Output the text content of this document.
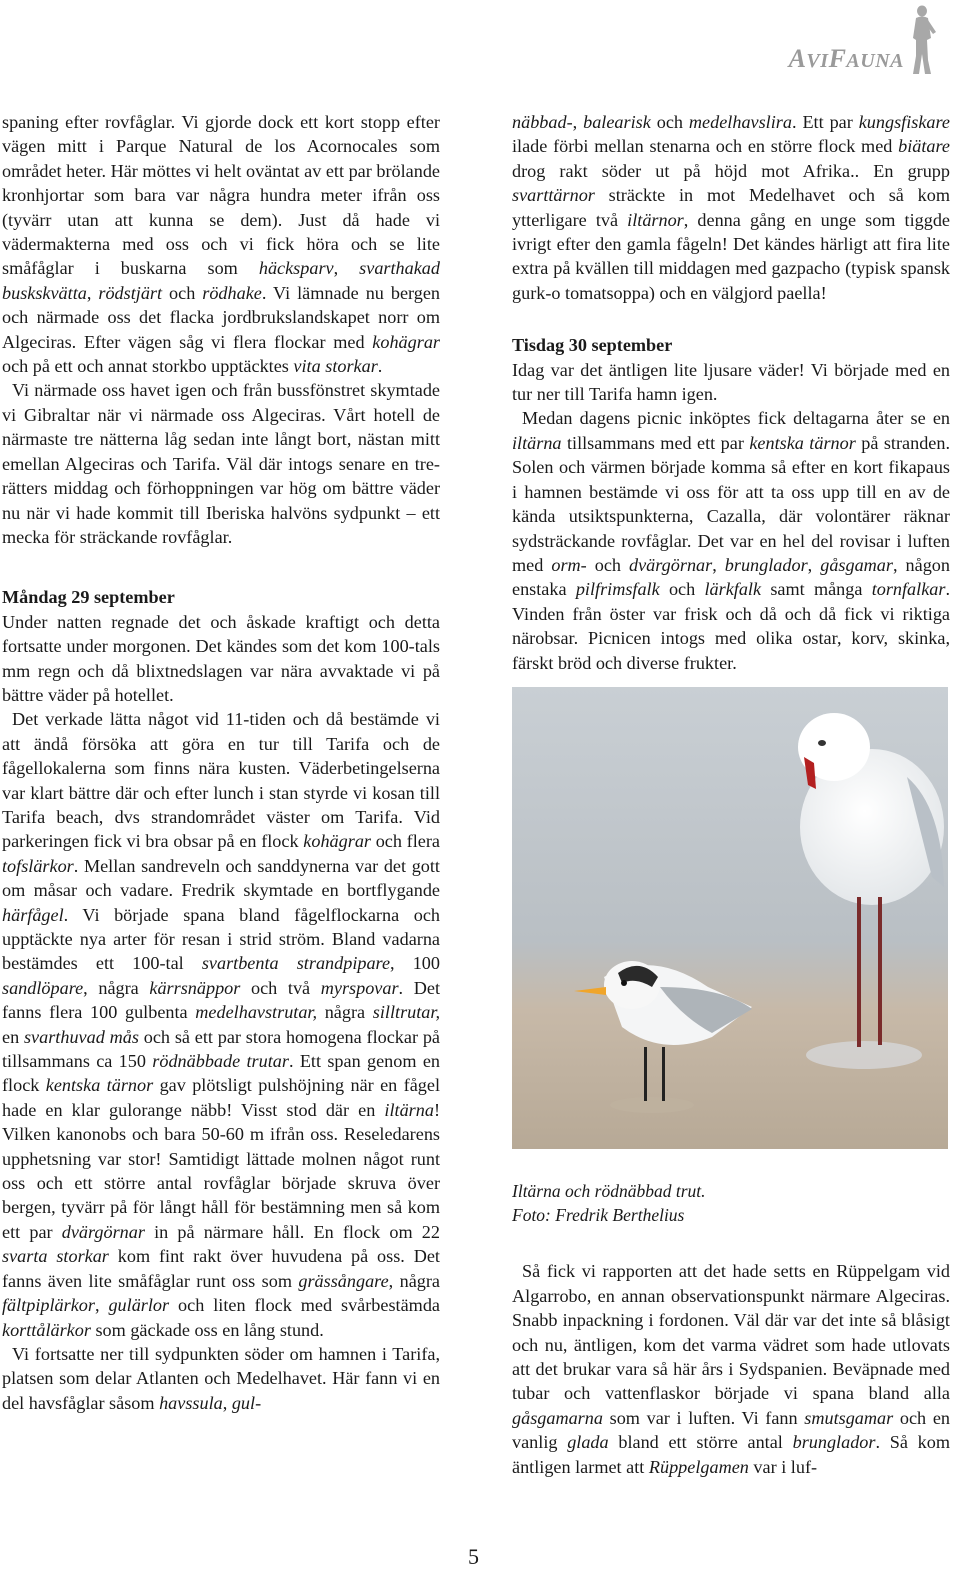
AVIFAUNA

spaning efter rovfåglar. Vi gjorde dock ett kort stopp efter vägen mitt i Parque Natural de los Acornocales som området heter. Här möttes vi helt oväntat av ett par brölande kronhjortar som bara var några hundra meter ifrån oss (tyvärr utan att kunna se dem). Just då hade vi vädermakterna med oss och vi fick höra och se lite småfåglar i buskarna som häcksparv, svarthakad buskskvätta, rödstjärt och rödhake. Vi lämnade nu bergen och närmade oss det flacka jordbrukslandskapet norr om Algeciras. Efter vägen såg vi flera flockar med kohägrar och på ett och annat storkbo upptäcktes vita storkar.

Vi närmade oss havet igen och från bussfönstret skymtade vi Gibraltar när vi närmade oss Algeciras. Vårt hotell de närmaste tre nätterna låg sedan inte långt bort, nästan mitt emellan Algeciras och Tarifa. Väl där intogs senare en tre-rätters middag och förhoppningen var hög om bättre väder nu när vi hade kommit till Iberiska halvöns sydpunkt – ett mecka för sträckande rovfåglar.

Måndag 29 september

Under natten regnade det och åskade kraftigt och detta fortsatte under morgonen. Det kändes som det kom 100-tals mm regn och då blixtnedslagen var nära avvaktade vi på bättre väder på hotellet.

Det verkade lätta något vid 11-tiden och då bestämde vi att ändå försöka att göra en tur till Tarifa och de fågellokalerna som finns nära kusten. Väderbetingelserna var klart bättre där och efter lunch i stan styrde vi kosan till Tarifa beach, dvs strandområdet väster om Tarifa. Vid parkeringen fick vi bra obsar på en flock kohägrar och flera tofslärkor. Mellan sandreveln och sanddynerna var det gott om måsar och vadare. Fredrik skymtade en bortflygande härfågel. Vi började spana bland fågelflockarna och upptäckte nya arter för resan i strid ström. Bland vadarna bestämdes ett 100-tal svartbenta strandpipare, 100 sandlöpare, några kärrsnäppor och två myrspovar. Det fanns flera 100 gulbenta medelhavstrutar, några silltrutar, en svarthuvad mås och så ett par stora homogena flockar på tillsammans ca 150 rödnäbbade trutar. Ett span genom en flock kentska tärnor gav plötsligt pulshöjning när en fågel hade en klar gulorange näbb! Visst stod där en iltärna! Vilken kanonobs och bara 50-60 m ifrån oss. Reseledarens upphetsning var stor! Samtidigt lättade molnen något runt oss och ett större antal rovfåglar började skruva över bergen, tyvärr på för långt håll för bestämning men så kom ett par dvärgörnar in på närmare håll. En flock om 22 svarta storkar kom fint rakt över huvudena på oss. Det fanns även lite småfåglar runt oss som grässångare, några fältpiplärkor, gulärlor och liten flock med svårbestämda korttålärkor som gäckade oss en lång stund.

Vi fortsatte ner till sydpunkten söder om hamnen i Tarifa, platsen som delar Atlanten och Medelhavet. Här fann vi en del havsfåglar såsom havssula, gul-

näbbad-, balearisk och medelhavslira. Ett par kungsfiskare ilade förbi mellan stenarna och en större flock med biätare drog rakt söder ut på höjd mot Afrika.. En grupp svarttärnor sträckte in mot Medelhavet och så kom ytterligare två iltärnor, denna gång en unge som tiggde ivrigt efter den gamla fågeln! Det kändes härligt att fira lite extra på kvällen till middagen med gazpacho (typisk spansk gurk-o tomatsoppa) och en välgjord paella!

Tisdag 30 september

Idag var det äntligen lite ljusare väder! Vi började med en tur ner till Tarifa hamn igen.

Medan dagens picnic inköptes fick deltagarna åter se en iltärna tillsammans med ett par kentska tärnor på stranden. Solen och värmen började komma så efter en kort fikapaus i hamnen bestämde vi oss för att ta oss upp till en av de kända utsiktspunkterna, Cazalla, där volontärer räknar sydsträckande rovfåglar. Det var en hel del rovisar i luften med orm- och dvärgörnar, brunglador, gåsgamar, någon enstaka pilfrimsfalk och lärkfalk samt många tornfalkar. Vinden från öster var frisk och då och då fick vi riktiga närobsar. Picnicen intogs med olika ostar, korv, skinka, färskt bröd och diverse frukter.

Iltärna och rödnäbbad trut.
Foto: Fredrik Berthelius

Så fick vi rapporten att det hade setts en Rüppelgam vid Algarrobo, en annan observationspunkt närmare Algeciras. Snabb inpackning i fordonen. Väl där var det inte så blåsigt och nu, äntligen, kom det varma vädret som hade utlovats att det brukar vara så här års i Sydspanien. Beväpnade med tubar och vattenflaskor började vi spana bland alla gåsgamarna som var i luften. Vi fann smutsgamar och en vanlig glada bland ett större antal brunglador. Så kom äntligen larmet att Rüppelgamen var i luf-

5
